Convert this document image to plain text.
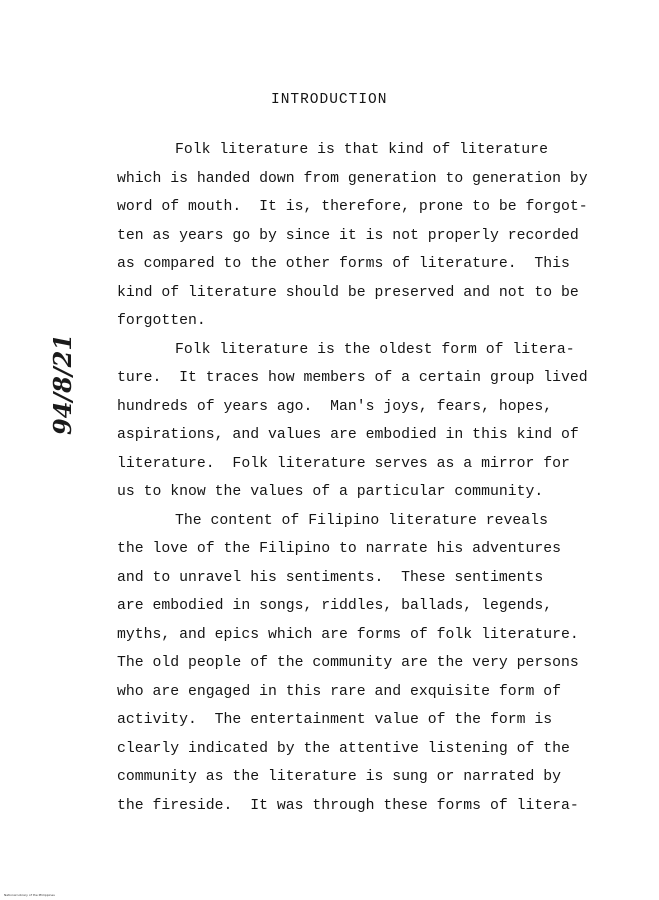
INTRODUCTION
94/8/21
Folk literature is that kind of literature
which is handed down from generation to generation by
word of mouth.  It is, therefore, prone to be forgot-
ten as years go by since it is not properly recorded
as compared to the other forms of literature.  This
kind of literature should be preserved and not to be
forgotten.
Folk literature is the oldest form of litera-
ture.  It traces how members of a certain group lived
hundreds of years ago.  Man's joys, fears, hopes,
aspirations, and values are embodied in this kind of
literature.  Folk literature serves as a mirror for
us to know the values of a particular community.
The content of Filipino literature reveals
the love of the Filipino to narrate his adventures
and to unravel his sentiments.  These sentiments
are embodied in songs, riddles, ballads, legends,
myths, and epics which are forms of folk literature.
The old people of the community are the very persons
who are engaged in this rare and exquisite form of
activity.  The entertainment value of the form is
clearly indicated by the attentive listening of the
community as the literature is sung or narrated by
the fireside.  It was through these forms of litera-
National Library of the Philippines
